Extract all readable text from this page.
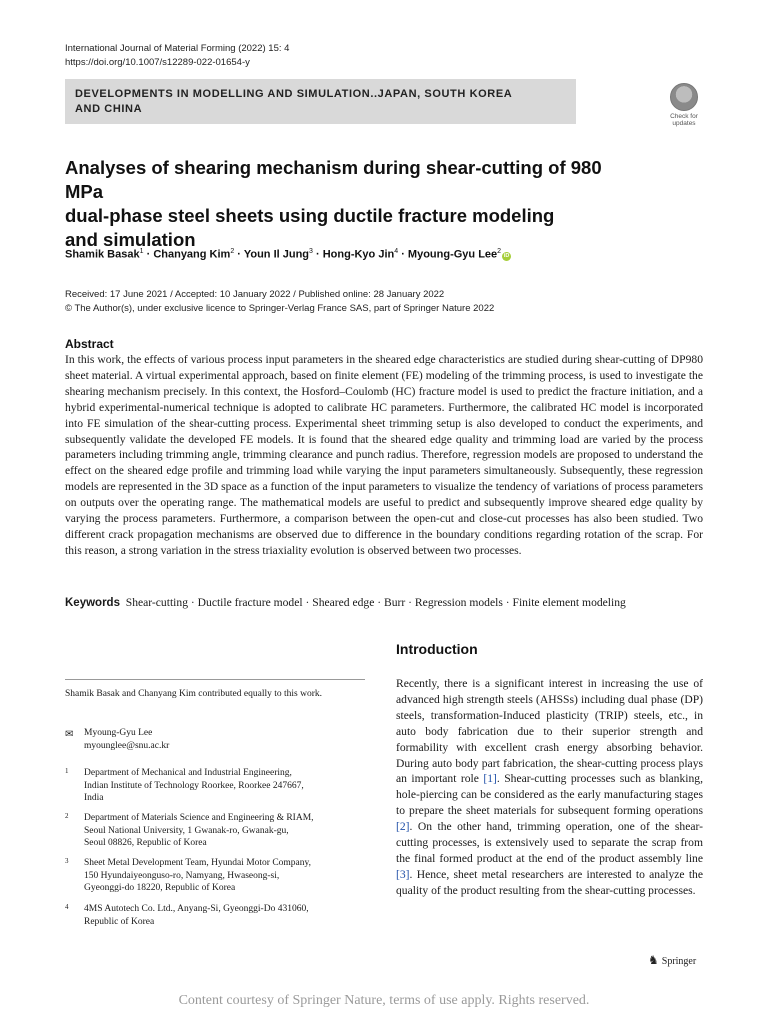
International Journal of Material Forming (2022) 15: 4
https://doi.org/10.1007/s12289-022-01654-y
DEVELOPMENTS IN MODELLING AND SIMULATION..JAPAN, SOUTH KOREA
AND CHINA
Check for
updates
Analyses of shearing mechanism during shear-cutting of 980 MPa
dual-phase steel sheets using ductile fracture modeling
and simulation
Shamik Basak$^1$ · Chanyang Kim$^2$ · Youn Il Jung$^3$ · Hong-Kyo Jin$^4$ · Myoung-Gyu Lee$^2$iD
Received: 17 June 2021 / Accepted: 10 January 2022 / Published online: 28 January 2022
© The Author(s), under exclusive licence to Springer-Verlag France SAS, part of Springer Nature 2022
Abstract
In this work, the effects of various process input parameters in the sheared edge characteristics are studied during shear-cutting of DP980 sheet material. A virtual experimental approach, based on finite element (FE) modeling of the trimming process, is used to investigate the shearing mechanism precisely. In this context, the Hosford–Coulomb (HC) fracture model is used to predict the fracture initiation, and a hybrid experimental-numerical technique is adopted to calibrate HC parameters. Furthermore, the calibrated HC model is incorporated into FE simulation of the shear-cutting process. Experimental sheet trimming setup is also developed to conduct the experiments, and subsequently validate the developed FE models. It is found that the sheared edge quality and trimming load are varied by the process parameters including trimming angle, trimming clearance and punch radius. Therefore, regression models are proposed to understand the effect on the sheared edge profile and trimming load while varying the input parameters simultaneously. Subsequently, these regression models are represented in the 3D space as a function of the input parameters to visualize the tendency of variations of process parameters on outputs over the operating range. The mathematical models are useful to predict and subsequently improve sheared edge quality by varying the process parameters. Furthermore, a comparison between the open-cut and close-cut processes has also been studied. Two different crack propagation mechanisms are observed due to difference in the boundary conditions regarding rotation of the scrap. For this reason, a strong variation in the stress triaxiality evolution is observed between two processes.
Keywords Shear-cutting · Ductile fracture model · Sheared edge · Burr · Regression models · Finite element modeling
Shamik Basak and Chanyang Kim contributed equally to this work.
✉ Myoung-Gyu Lee
myounglee@snu.ac.kr
1 Department of Mechanical and Industrial Engineering,
Indian Institute of Technology Roorkee, Roorkee 247667,
India
2 Department of Materials Science and Engineering & RIAM,
Seoul National University, 1 Gwanak-ro, Gwanak-gu,
Seoul 08826, Republic of Korea
3 Sheet Metal Development Team, Hyundai Motor Company,
150 Hyundaiyeonguso-ro, Namyang, Hwaseong-si,
Gyeonggi-do 18220, Republic of Korea
4 4MS Autotech Co. Ltd., Anyang-Si, Gyeonggi-Do 431060,
Republic of Korea
Introduction
Recently, there is a significant interest in increasing the use of advanced high strength steels (AHSSs) including dual phase (DP) steels, transformation-Induced plasticity (TRIP) steels, etc., in auto body fabrication due to their superior strength and formability with excellent crash energy absorbing behavior. During auto body part fabrication, the shear-cutting process plays an important role [1]. Shear-cutting processes such as blanking, hole-piercing can be considered as the early manufacturing stages to prepare the sheet materials for subsequent forming operations [2]. On the other hand, trimming operation, one of the shear-cutting processes, is extensively used to separate the scrap from the final formed product at the end of the product assembly line [3]. Hence, sheet metal researchers are interested to analyze the quality of the product resulting from the shear-cutting processes.
♞ Springer
Content courtesy of Springer Nature, terms of use apply. Rights reserved.
